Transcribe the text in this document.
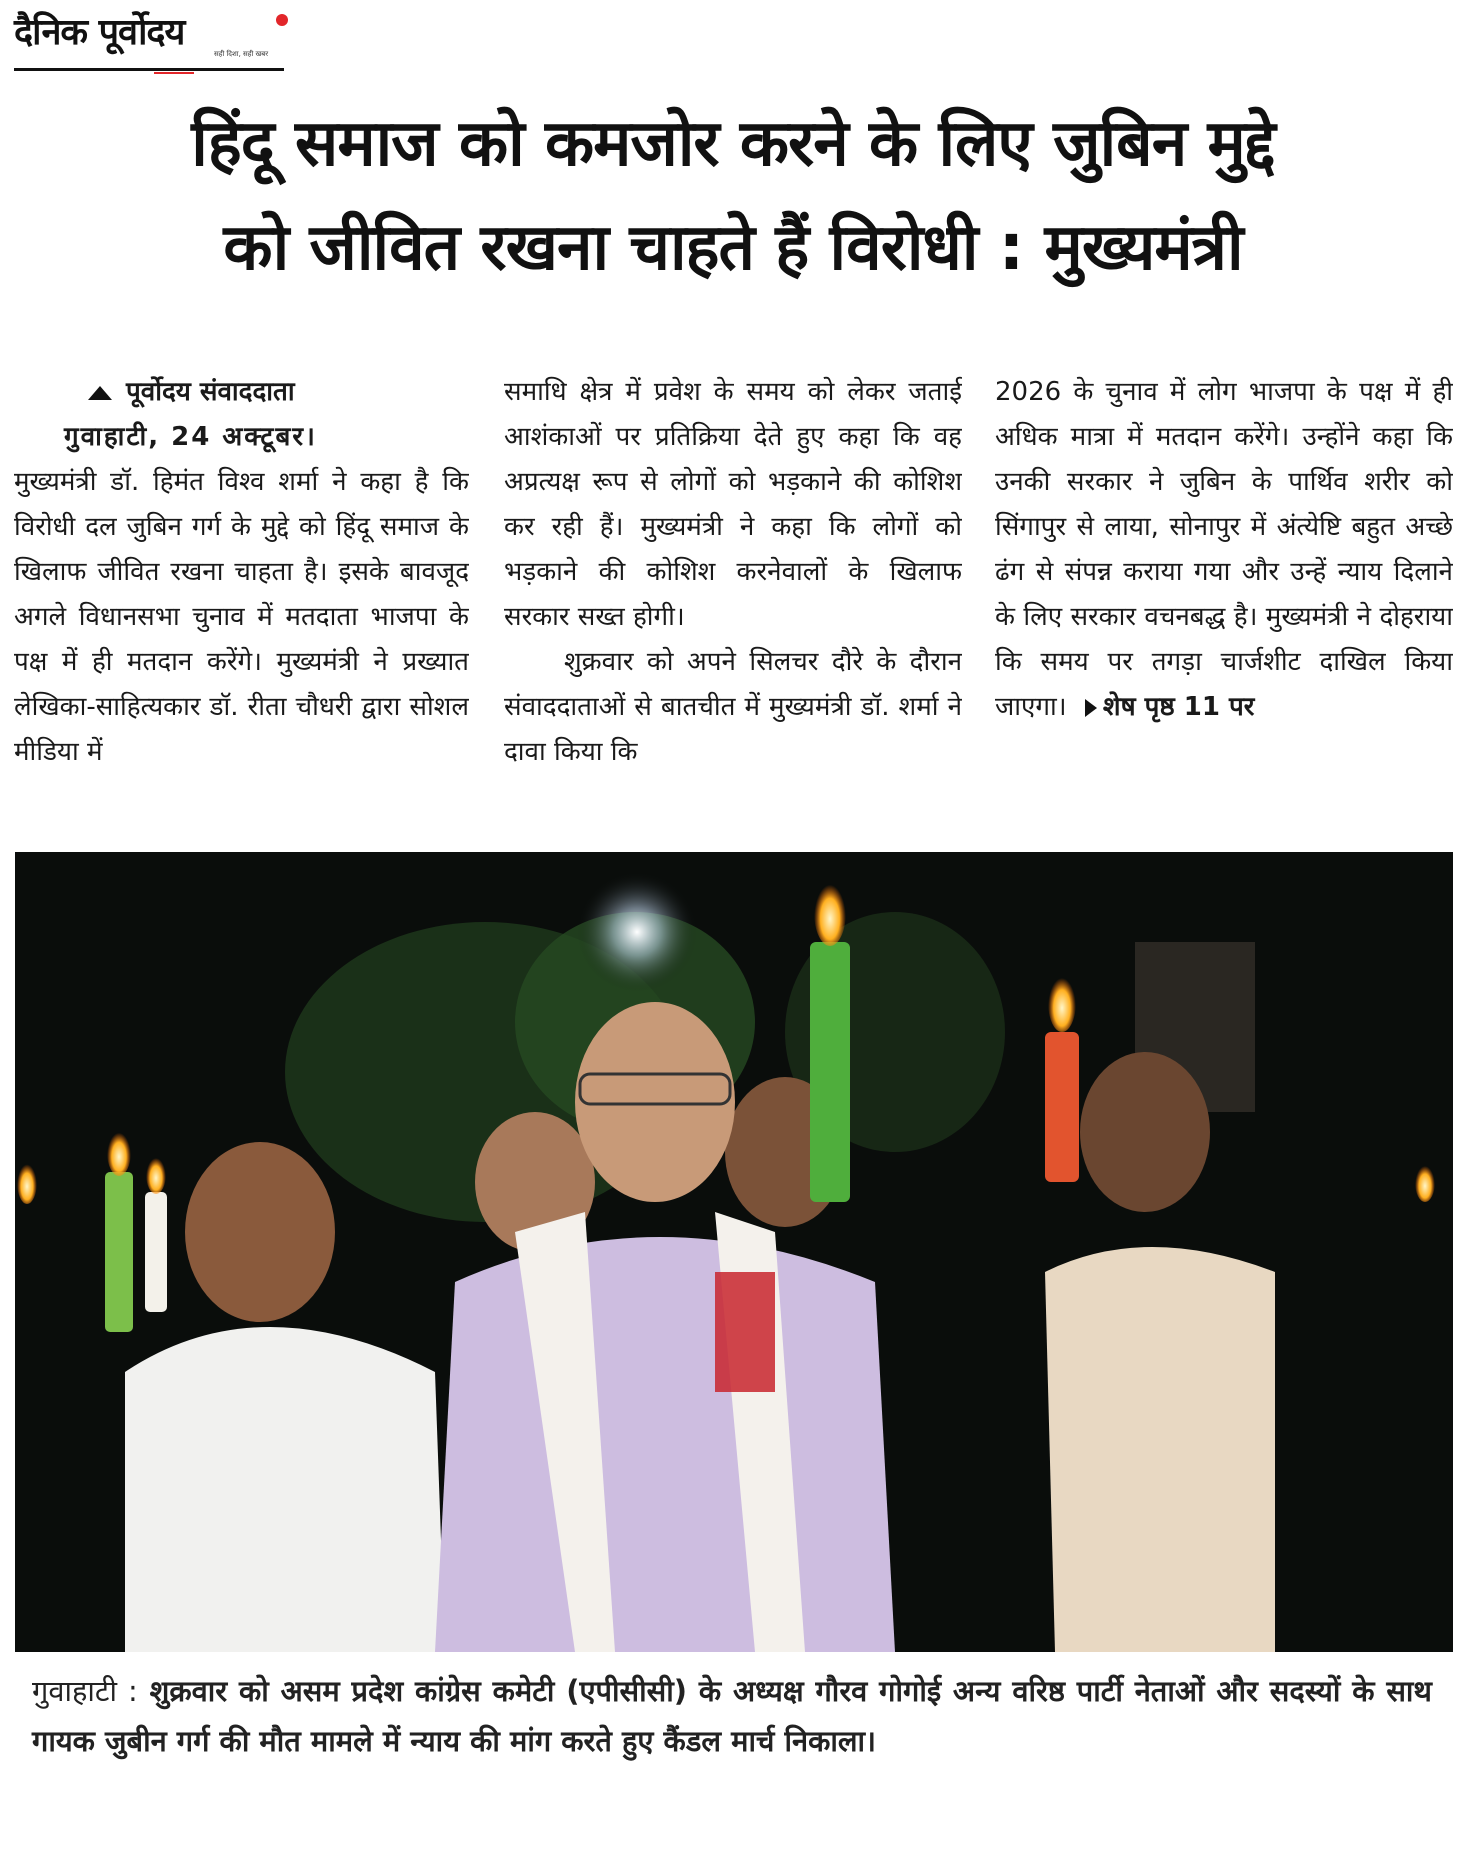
दैनिक पूर्वोदय
सही दिशा, सही खबर
हिंदू समाज को कमजोर करने के लिए जुबिन मुद्दे
को जीवित रखना चाहते हैं विरोधी : मुख्यमंत्री
पूर्वोदय संवाददाता
गुवाहाटी, 24 अक्टूबर।

मुख्यमंत्री डॉ. हिमंत विश्व शर्मा ने कहा है कि विरोधी दल जुबिन गर्ग के मुद्दे को हिंदू समाज के खिलाफ जीवित रखना चाहता है। इसके बावजूद अगले विधानसभा चुनाव में मतदाता भाजपा के पक्ष में ही मतदान करेंगे। मुख्यमंत्री ने प्रख्यात लेखिका-साहित्यकार डॉ. रीता चौधरी द्वारा सोशल मीडिया में

समाधि क्षेत्र में प्रवेश के समय को लेकर जताई आशंकाओं पर प्रतिक्रिया देते हुए कहा कि वह अप्रत्यक्ष रूप से लोगों को भड़काने की कोशिश कर रही हैं। मुख्यमंत्री ने कहा कि लोगों को भड़काने की कोशिश करनेवालों के खिलाफ सरकार सख्त होगी।

शुक्रवार को अपने सिलचर दौरे के दौरान संवाददाताओं से बातचीत में मुख्यमंत्री डॉ. शर्मा ने दावा किया कि

2026 के चुनाव में लोग भाजपा के पक्ष में ही अधिक मात्रा में मतदान करेंगे। उन्होंने कहा कि उनकी सरकार ने जुबिन के पार्थिव शरीर को सिंगापुर से लाया, सोनापुर में अंत्येष्टि बहुत अच्छे ढंग से संपन्न कराया गया और उन्हें न्याय दिलाने के लिए सरकार वचनबद्ध है। मुख्यमंत्री ने दोहराया कि समय पर तगड़ा चार्जशीट दाखिल किया जाएगा। शेष पृष्ठ 11 पर

गुवाहाटी : शुक्रवार को असम प्रदेश कांग्रेस कमेटी (एपीसीसी) के अध्यक्ष गौरव गोगोई अन्य वरिष्ठ पार्टी नेताओं और सदस्यों के साथ गायक जुबीन गर्ग की मौत मामले में न्याय की मांग करते हुए कैंडल मार्च निकाला।
